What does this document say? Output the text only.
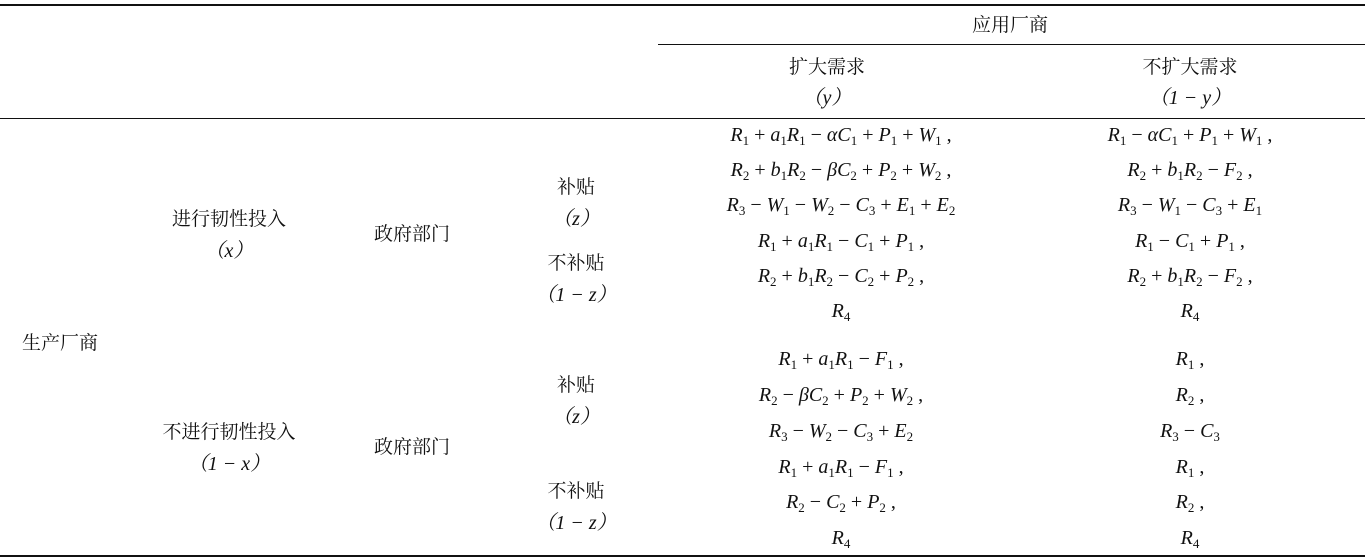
应用厂商
扩大需求
（y）
不扩大需求
（1 − y）
生产厂商
进行韧性投入
（x）
政府部门
补贴
（z）
不补贴
（1 − z）
不进行韧性投入
（1 − x）
政府部门
补贴
（z）
不补贴
（1 − z）
$R_1 + a_1R_1 - \alpha C_1 + P_1 + W_1$ ,
$R_2 + b_1R_2 - \beta C_2 + P_2 + W_2$ ,
$R_3 - W_1 - W_2 - C_3 + E_1 + E_2$
$R_1 + a_1R_1 - C_1 + P_1$ ,
$R_2 + b_1R_2 - C_2 + P_2$ ,
$R_4$
$R_1 + a_1R_1 - F_1$ ,
$R_2 - \beta C_2 + P_2 + W_2$ ,
$R_3 - W_2 - C_3 + E_2$
$R_1 + a_1R_1 - F_1$ ,
$R_2 - C_2 + P_2$ ,
$R_4$
$R_1 - \alpha C_1 + P_1 + W_1$ ,
$R_2 + b_1R_2 - F_2$ ,
$R_3 - W_1 - C_3 + E_1$
$R_1 - C_1 + P_1$ ,
$R_2 + b_1R_2 - F_2$ ,
$R_4$
$R_1$ ,
$R_2$ ,
$R_3 - C_3$
$R_1$ ,
$R_2$ ,
$R_4$
